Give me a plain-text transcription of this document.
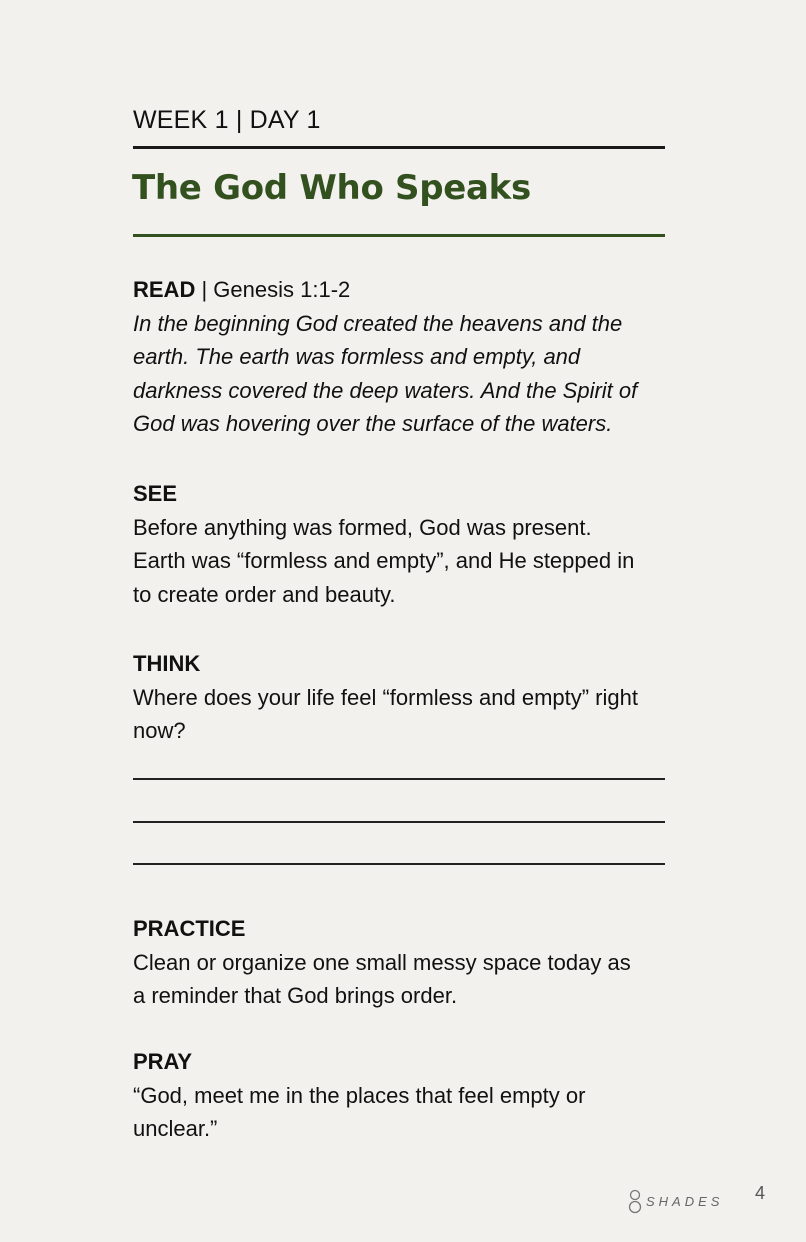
WEEK 1 | DAY 1
The God Who Speaks
READ | Genesis 1:1-2
In the beginning God created the heavens and the
earth. The earth was formless and empty, and
darkness covered the deep waters. And the Spirit of
God was hovering over the surface of the waters.
SEE
Before anything was formed, God was present.
Earth was “formless and empty”, and He stepped in
to create order and beauty.
THINK
Where does your life feel “formless and empty” right
now?
PRACTICE
Clean or organize one small messy space today as
a reminder that God brings order.
PRAY
“God, meet me in the places that feel empty or
unclear.”
SHADES 4
